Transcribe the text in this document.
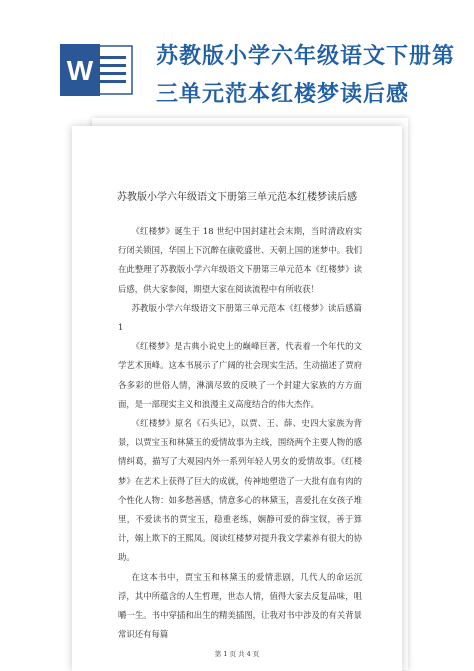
W	苏教版小学六年级语文下册第
三单元范本红楼梦读后感
苏教版小学六年级语文下册第三单元范本红楼梦读后感

《红楼梦》诞生于 18 世纪中国封建社会末期，当时清政府实行闭关锁国，华国上下沉醉在康乾盛世、天朝上国的迷梦中。我们在此整理了苏教版小学六年级语文下册第三单元范本《红楼梦》读后感，供大家参阅，期望大家在阅读流程中有所收获！

苏教版小学六年级语文下册第三单元范本《红楼梦》读后感篇 1

《红楼梦》是古典小说史上的巅峰巨著，代表着一个年代的文学艺术顶峰。这本书展示了广阔的社会现实生活，生动描述了贾府各多彩的世俗人情，淋漓尽致的反映了一个封建大家族的方方面面，是一部现实主义和浪漫主义高度结合的伟大杰作。

《红楼梦》原名《石头记》，以贾、王、薛、史四大家族为背景，以贾宝玉和林黛玉的爱情故事为主线，围绕两个主要人物的感情纠葛，描写了大观园内外一系列年轻人男女的爱情故事。《红楼梦》在艺术上获得了巨大的成就，传神地塑造了一大批有血有肉的个性化人物：如多愁善感，情意多心的林黛玉，喜爱扎在女孩子堆里，不爱读书的贾宝玉，稳重老练，娴静可爱的薛宝钗，善于算计，嫋上欺下的王熙凤。阅读红楼梦对提升我文学素养有很大的协助。

在这本书中，贾宝玉和林黛玉的爱情悲剧，几代人的命运沉浮，其中所蕴含的人生哲理，世态人情，值得大家去反复品味，咀嚼一生。书中穿插和出生的精美插图，让我对书中涉及的有关背景常识还有每篇

第 1 页 共 4 页
